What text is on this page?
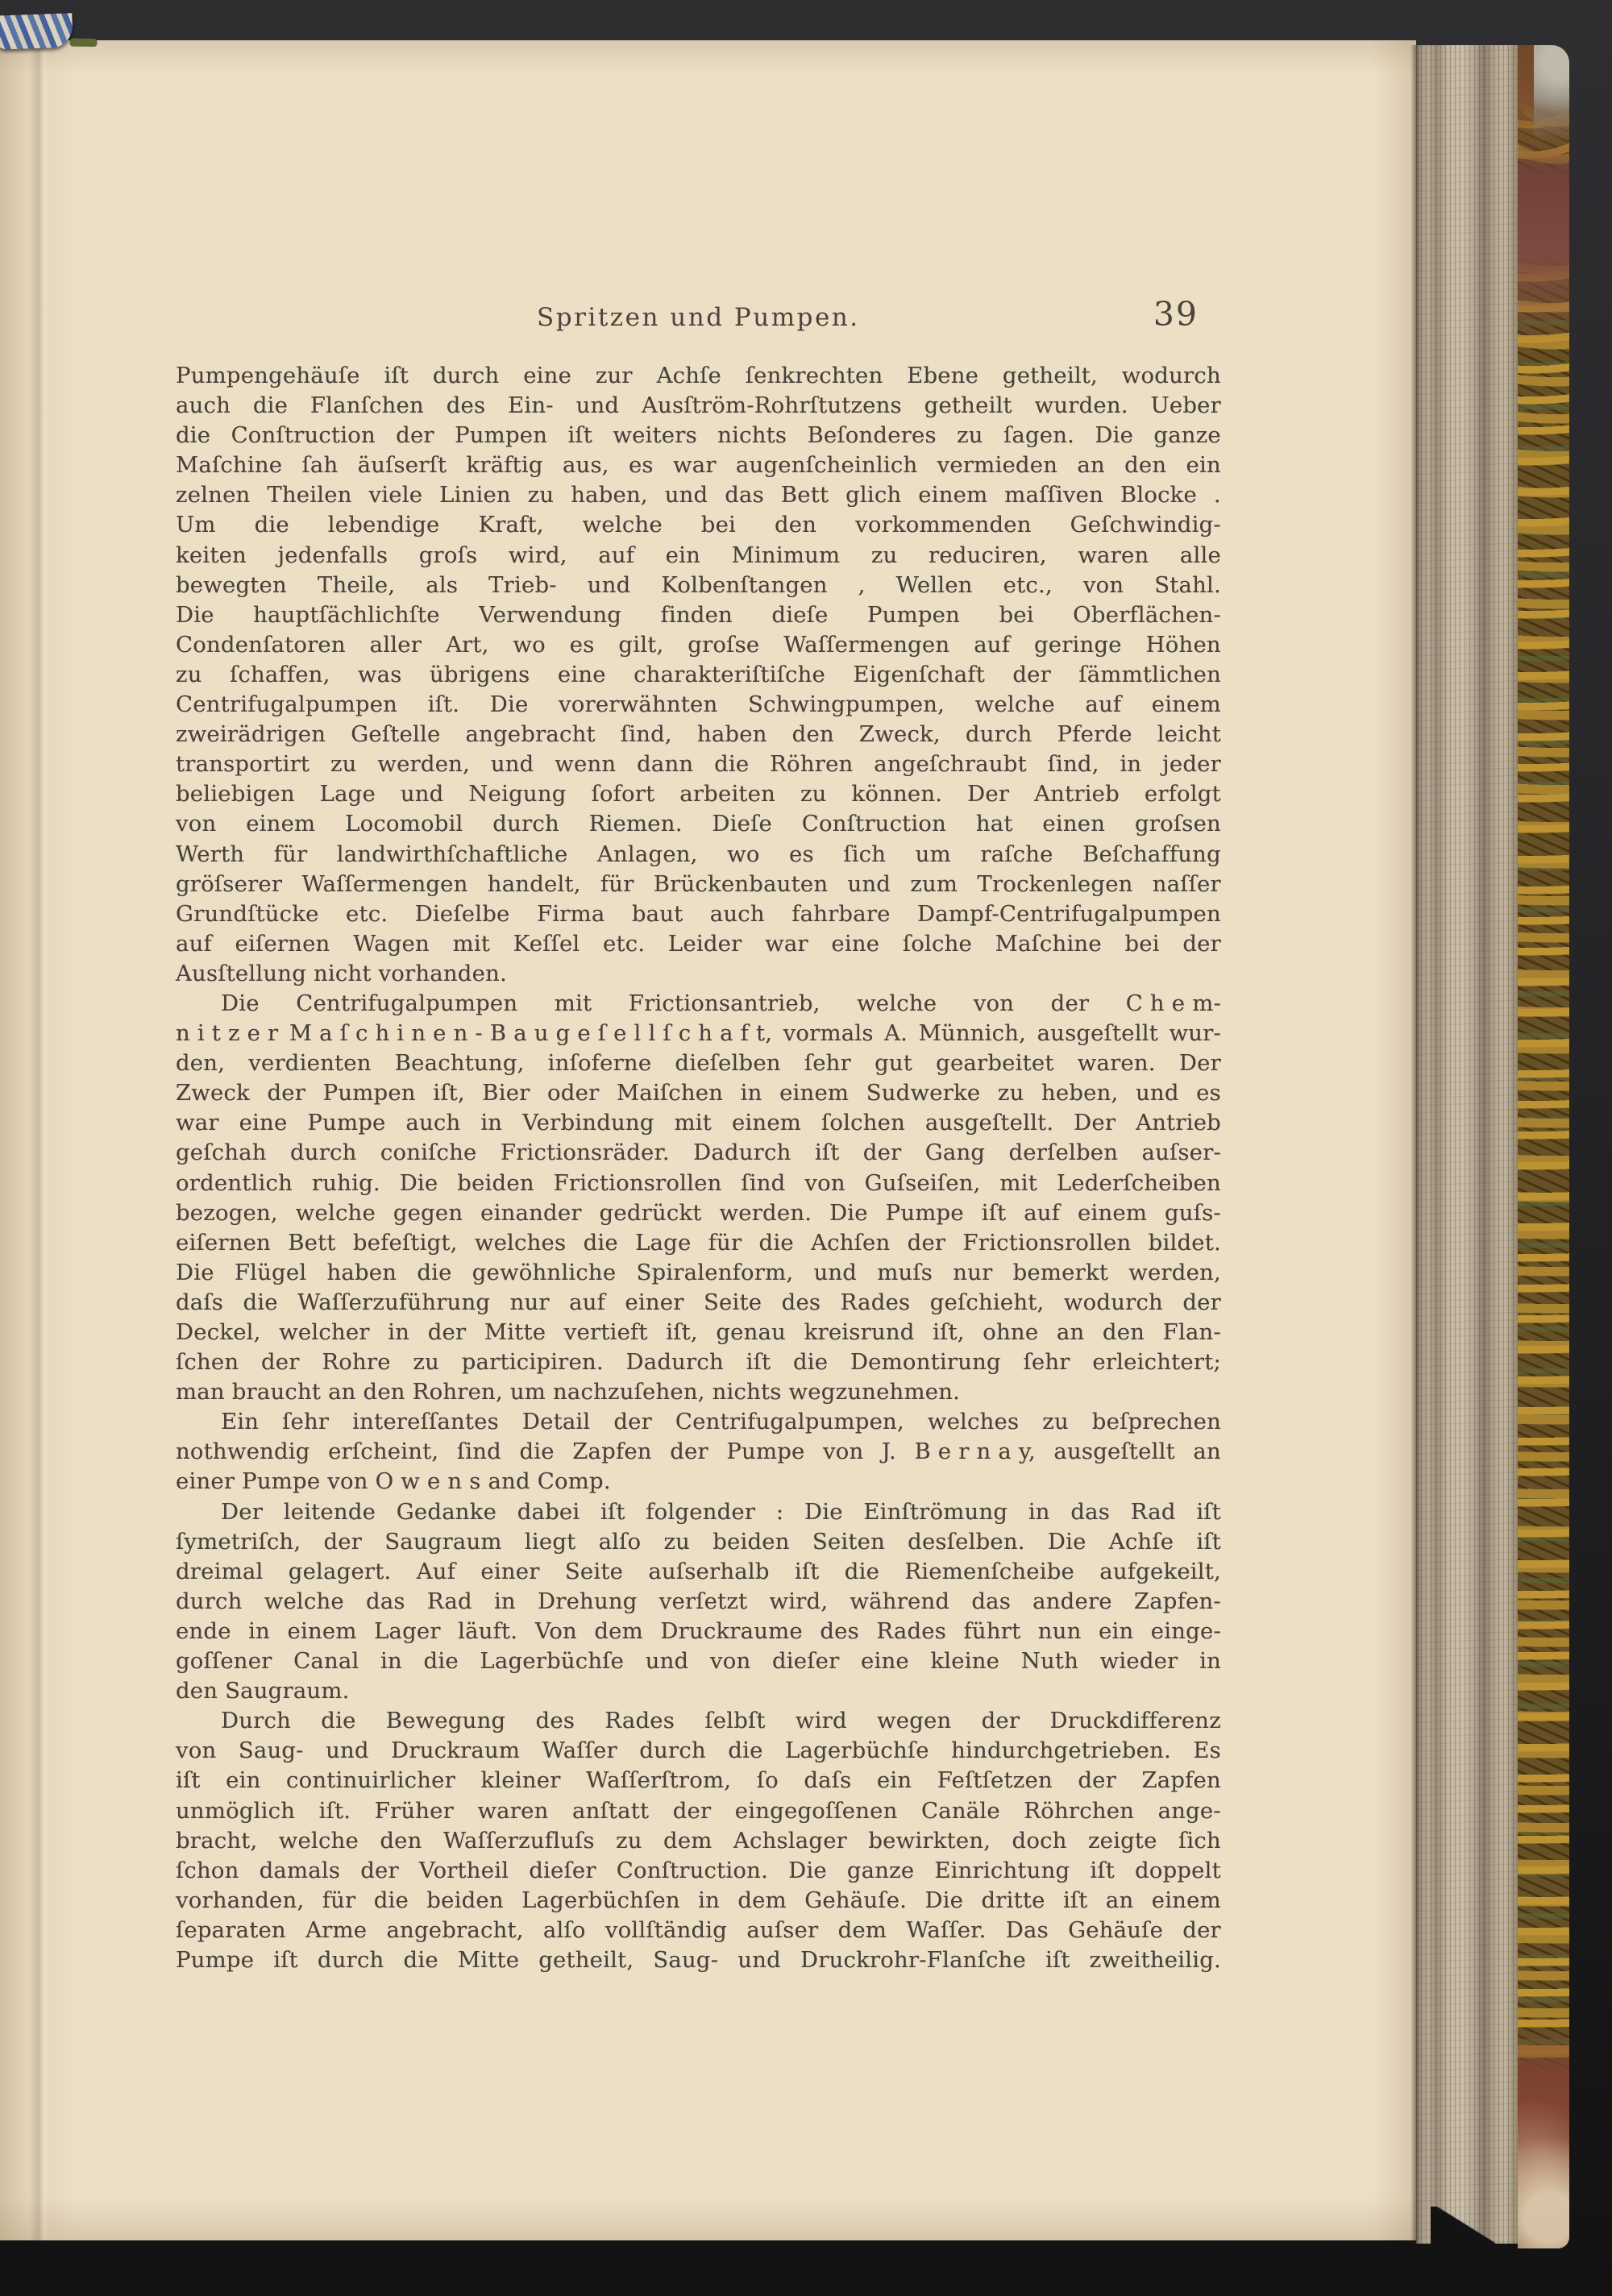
Spritzen und Pumpen.	39
Pumpengehäuſe iſt durch eine zur Achſe ſenkrechten Ebene getheilt, wodurch
auch die Flanſchen des Ein- und Ausſtröm-Rohrſtutzens getheilt wurden. Ueber
die Conſtruction der Pumpen iſt weiters nichts Beſonderes zu ſagen. Die ganze
Maſchine ſah äuſserſt kräftig aus, es war augenſcheinlich vermieden an den ein
zelnen Theilen viele Linien zu haben, und das Bett glich einem maſſiven Blocke .
Um die lebendige Kraft, welche bei den vorkommenden Geſchwindig-
keiten jedenfalls groſs wird, auf ein Minimum zu reduciren, waren alle
bewegten Theile, als Trieb- und Kolbenſtangen , Wellen etc., von Stahl.
Die hauptſächlichſte Verwendung finden dieſe Pumpen bei Oberflächen-
Condenſatoren aller Art, wo es gilt, groſse Waſſermengen auf geringe Höhen
zu ſchaffen, was übrigens eine charakteriſtiſche Eigenſchaft der ſämmtlichen
Centrifugalpumpen iſt. Die vorerwähnten Schwingpumpen, welche auf einem
zweirädrigen Geſtelle angebracht ſind, haben den Zweck, durch Pferde leicht
transportirt zu werden, und wenn dann die Röhren angeſchraubt ſind, in jeder
beliebigen Lage und Neigung ſofort arbeiten zu können. Der Antrieb erfolgt
von einem Locomobil durch Riemen. Dieſe Conſtruction hat einen groſsen
Werth für landwirthſchaftliche Anlagen, wo es ſich um raſche Beſchaffung
gröſserer Waſſermengen handelt, für Brückenbauten und zum Trockenlegen naſſer
Grundſtücke etc. Dieſelbe Firma baut auch fahrbare Dampf-Centrifugalpumpen
auf eiſernen Wagen mit Keſſel etc. Leider war eine ſolche Maſchine bei der
Ausſtellung nicht vorhanden.
Die Centrifugalpumpen mit Frictionsantrieb, welche von der C h e m-
n i t z e r M a ſ c h i n e n - B a u g e ſ e l l ſ c h a f t, vormals A. Münnich, ausgeſtellt wur-
den, verdienten Beachtung, inſoferne dieſelben ſehr gut gearbeitet waren. Der
Zweck der Pumpen iſt, Bier oder Maiſchen in einem Sudwerke zu heben, und es
war eine Pumpe auch in Verbindung mit einem ſolchen ausgeſtellt. Der Antrieb
geſchah durch coniſche Frictionsräder. Dadurch iſt der Gang derſelben auſser-
ordentlich ruhig. Die beiden Frictionsrollen ſind von Guſseiſen, mit Lederſcheiben
bezogen, welche gegen einander gedrückt werden. Die Pumpe iſt auf einem guſs-
eiſernen Bett befeſtigt, welches die Lage für die Achſen der Frictionsrollen bildet.
Die Flügel haben die gewöhnliche Spiralenform, und muſs nur bemerkt werden,
daſs die Waſſerzuführung nur auf einer Seite des Rades geſchieht, wodurch der
Deckel, welcher in der Mitte vertieft iſt, genau kreisrund iſt, ohne an den Flan-
ſchen der Rohre zu participiren. Dadurch iſt die Demontirung ſehr erleichtert;
man braucht an den Rohren, um nachzuſehen, nichts wegzunehmen.
Ein ſehr intereſſantes Detail der Centrifugalpumpen, welches zu beſprechen
nothwendig erſcheint, ſind die Zapfen der Pumpe von J. B e r n a y, ausgeſtellt an
einer Pumpe von O w e n s and Comp.
Der leitende Gedanke dabei iſt folgender : Die Einſtrömung in das Rad iſt
ſymetriſch, der Saugraum liegt alſo zu beiden Seiten desſelben. Die Achſe iſt
dreimal gelagert. Auf einer Seite auſserhalb iſt die Riemenſcheibe aufgekeilt,
durch welche das Rad in Drehung verſetzt wird, während das andere Zapfen-
ende in einem Lager läuft. Von dem Druckraume des Rades führt nun ein einge-
goſſener Canal in die Lagerbüchſe und von dieſer eine kleine Nuth wieder in
den Saugraum.
Durch die Bewegung des Rades ſelbſt wird wegen der Druckdifferenz
von Saug- und Druckraum Waſſer durch die Lagerbüchſe hindurchgetrieben. Es
iſt ein continuirlicher kleiner Waſſerſtrom, ſo daſs ein Feſtſetzen der Zapfen
unmöglich iſt. Früher waren anſtatt der eingegoſſenen Canäle Röhrchen ange-
bracht, welche den Waſſerzufluſs zu dem Achslager bewirkten, doch zeigte ſich
ſchon damals der Vortheil dieſer Conſtruction. Die ganze Einrichtung iſt doppelt
vorhanden, für die beiden Lagerbüchſen in dem Gehäuſe. Die dritte iſt an einem
ſeparaten Arme angebracht, alſo vollſtändig auſser dem Waſſer. Das Gehäuſe der
Pumpe iſt durch die Mitte getheilt, Saug- und Druckrohr-Flanſche iſt zweitheilig.
